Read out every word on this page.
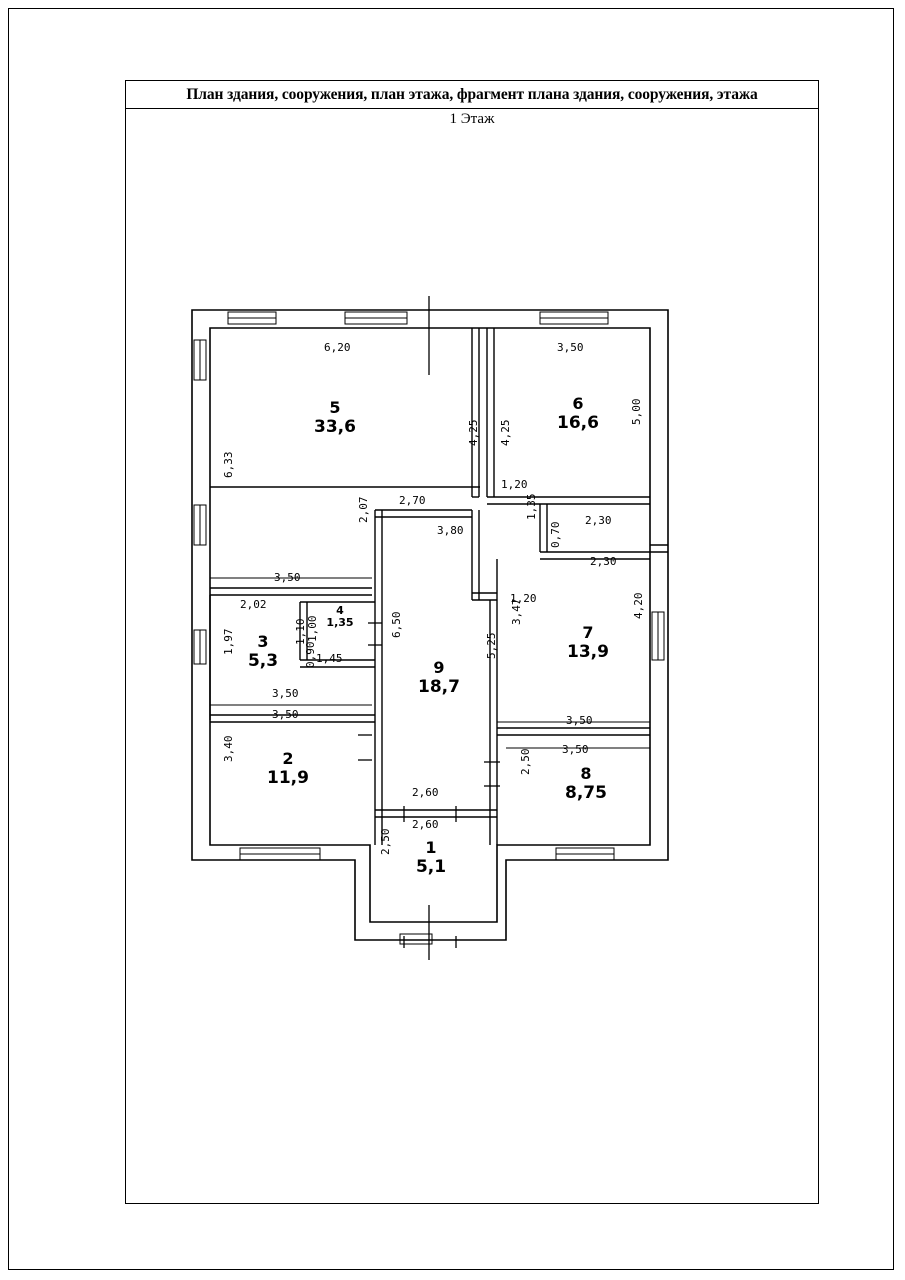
План здания, сооружения, план этажа, фрагмент плана здания, сооружения, этажа
1 Этаж
5
33,6
6
16,6
3
5,3
4
1,35
2
11,9
9
18,7
7
13,9
8
8,75
1
5,1
6,20	3,50
6,33
4,25 4,25
5,00
2,70
3,80
1,20
2,30
2,30
2,07	1,35
0,70
3,50
2,02
1,00
1,10
1,20
1,97
1,45
6,50
0,90
3,47
5,25
4,20
3,50
3,50	3,50
3,40	3,50
2,50
2,60
2,60
2,50
